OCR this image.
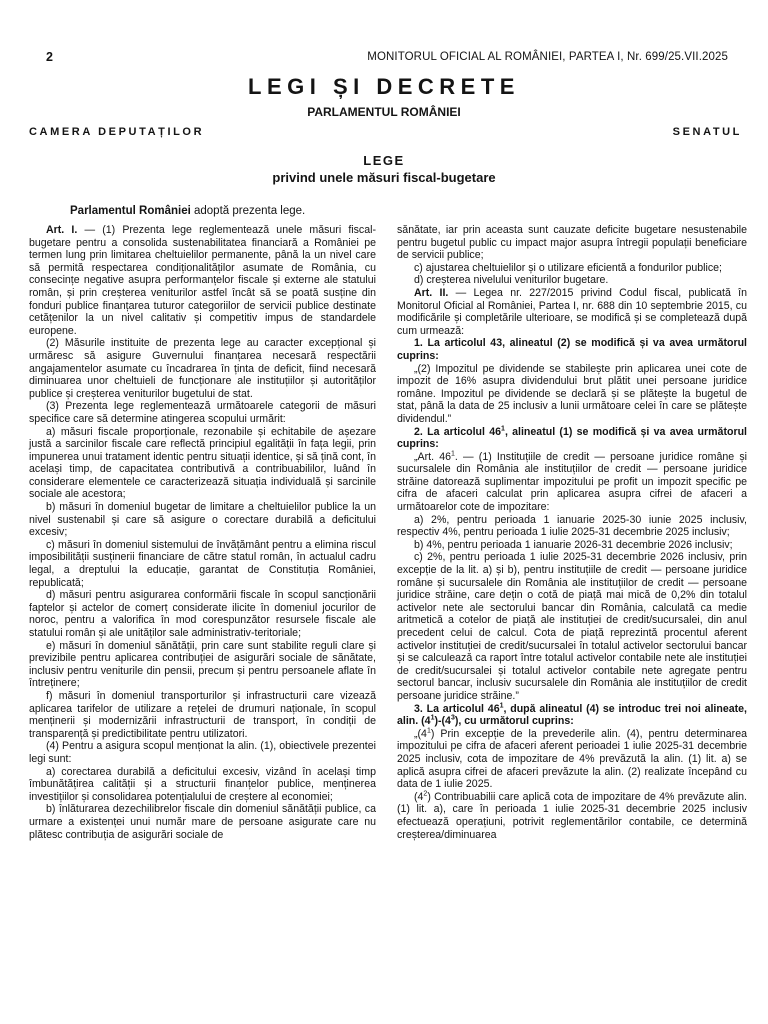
2	MONITORUL OFICIAL AL ROMÂNIEI, PARTEA I, Nr. 699/25.VII.2025
LEGI ȘI DECRETE
PARLAMENTUL ROMÂNIEI
CAMERA DEPUTAȚILOR	SENATUL
LEGE
privind unele măsuri fiscal-bugetare
Parlamentul României adoptă prezenta lege.

Art. I. — (1) Prezenta lege reglementează unele măsuri fiscal-bugetare pentru a consolida sustenabilitatea financiară a României pe termen lung prin limitarea cheltuielilor permanente, până la un nivel care să permită respectarea condiționalităților asumate de România, cu consecințe negative asupra performanțelor fiscale și externe ale statului român, și prin creșterea veniturilor astfel încât să se poată susține din fonduri publice finanțarea tuturor categoriilor de servicii publice destinate cetățenilor la un nivel calitativ și competitiv impus de standardele europene.

(2) Măsurile instituite de prezenta lege au caracter excepțional și urmăresc să asigure Guvernului finanțarea necesară respectării angajamentelor asumate cu încadrarea în ținta de deficit, fiind necesară diminuarea unor cheltuieli de funcționare ale instituțiilor și autorităților publice și creșterea veniturilor bugetului de stat.

(3) Prezenta lege reglementează următoarele categorii de măsuri specifice care să determine atingerea scopului urmărit:

a) măsuri fiscale proporționale, rezonabile și echitabile de așezare justă a sarcinilor fiscale care reflectă principiul egalității în fața legii, prin impunerea unui tratament identic pentru situații identice, și să țină cont, în același timp, de capacitatea contributivă a contribuabililor, luând în considerare elementele ce caracterizează situația individuală și sarcinile sociale ale acestora;

b) măsuri în domeniul bugetar de limitare a cheltuielilor publice la un nivel sustenabil și care să asigure o corectare durabilă a deficitului excesiv;

c) măsuri în domeniul sistemului de învățământ pentru a elimina riscul imposibilității susținerii financiare de către statul român, în actualul cadru legal, a dreptului la educație, garantat de Constituția României, republicată;

d) măsuri pentru asigurarea conformării fiscale în scopul sancționării faptelor și actelor de comerț considerate ilicite în domeniul jocurilor de noroc, pentru a valorifica în mod corespunzător resursele fiscale ale statului român și ale unităților sale administrativ-teritoriale;

e) măsuri în domeniul sănătății, prin care sunt stabilite reguli clare și previzibile pentru aplicarea contribuției de asigurări sociale de sănătate, inclusiv pentru veniturile din pensii, precum și pentru persoanele aflate în întreținere;

f) măsuri în domeniul transporturilor și infrastructurii care vizează aplicarea tarifelor de utilizare a rețelei de drumuri naționale, în scopul menținerii și modernizării infrastructurii de transport, în condiții de transparență și predictibilitate pentru utilizatori.

(4) Pentru a asigura scopul menționat la alin. (1), obiectivele prezentei legi sunt:

a) corectarea durabilă a deficitului excesiv, vizând în același timp îmbunătățirea calității și a structurii finanțelor publice, menținerea investițiilor și consolidarea potențialului de creștere al economiei;

b) înlăturarea dezechilibrelor fiscale din domeniul sănătății publice, ca urmare a existenței unui număr mare de persoane asigurate care nu plătesc contribuția de asigurări sociale de

sănătate, iar prin aceasta sunt cauzate deficite bugetare nesustenabile pentru bugetul public cu impact major asupra întregii populații beneficiare de servicii publice;

c) ajustarea cheltuielilor și o utilizare eficientă a fondurilor publice;

d) creșterea nivelului veniturilor bugetare.

Art. II. — Legea nr. 227/2015 privind Codul fiscal, publicată în Monitorul Oficial al României, Partea I, nr. 688 din 10 septembrie 2015, cu modificările și completările ulterioare, se modifică și se completează după cum urmează:

1. La articolul 43, alineatul (2) se modifică și va avea următorul cuprins:

„(2) Impozitul pe dividende se stabilește prin aplicarea unei cote de impozit de 16% asupra dividendului brut plătit unei persoane juridice române. Impozitul pe dividende se declară și se plătește la bugetul de stat, până la data de 25 inclusiv a lunii următoare celei în care se plătește dividendul.”

2. La articolul $46^1$, alineatul (1) se modifică și va avea următorul cuprins:

„Art. $46^1$. — (1) Instituțiile de credit — persoane juridice române și sucursalele din România ale instituțiilor de credit — persoane juridice străine datorează suplimentar impozitului pe profit un impozit specific pe cifra de afaceri calculat prin aplicarea asupra cifrei de afaceri a următoarelor cote de impozitare:

a) 2%, pentru perioada 1 ianuarie 2025-30 iunie 2025 inclusiv, respectiv 4%, pentru perioada 1 iulie 2025-31 decembrie 2025 inclusiv;

b) 4%, pentru perioada 1 ianuarie 2026-31 decembrie 2026 inclusiv;

c) 2%, pentru perioada 1 iulie 2025-31 decembrie 2026 inclusiv, prin excepție de la lit. a) și b), pentru instituțiile de credit — persoane juridice române și sucursalele din România ale instituțiilor de credit — persoane juridice străine, care dețin o cotă de piață mai mică de 0,2% din totalul activelor nete ale sectorului bancar din România, calculată ca medie aritmetică a cotelor de piață ale instituției de credit/sucursalei, din anul precedent celui de calcul. Cota de piață reprezintă procentul aferent activelor instituției de credit/sucursalei în totalul activelor sectorului bancar și se calculează ca raport între totalul activelor contabile nete ale instituției de credit/sucursalei și totalul activelor contabile nete agregate pentru sectorul bancar, inclusiv sucursalele din România ale instituțiilor de credit persoane juridice străine.”

3. La articolul $46^1$, după alineatul (4) se introduc trei noi alineate, alin. $(4^1)-(4^3)$, cu următorul cuprins:

$„(4^1)$ Prin excepție de la prevederile alin. (4), pentru determinarea impozitului pe cifra de afaceri aferent perioadei 1 iulie 2025-31 decembrie 2025 inclusiv, cota de impozitare de 4% prevăzută la alin. (1) lit. a) se aplică asupra cifrei de afaceri prevăzute la alin. (2) realizate începând cu data de 1 iulie 2025.

$(4^2)$ Contribuabilii care aplică cota de impozitare de 4% prevăzute alin. (1) lit. a), care în perioada 1 iulie 2025-31 decembrie 2025 inclusiv efectuează operațiuni, potrivit reglementărilor contabile, ce determină creșterea/diminuarea
